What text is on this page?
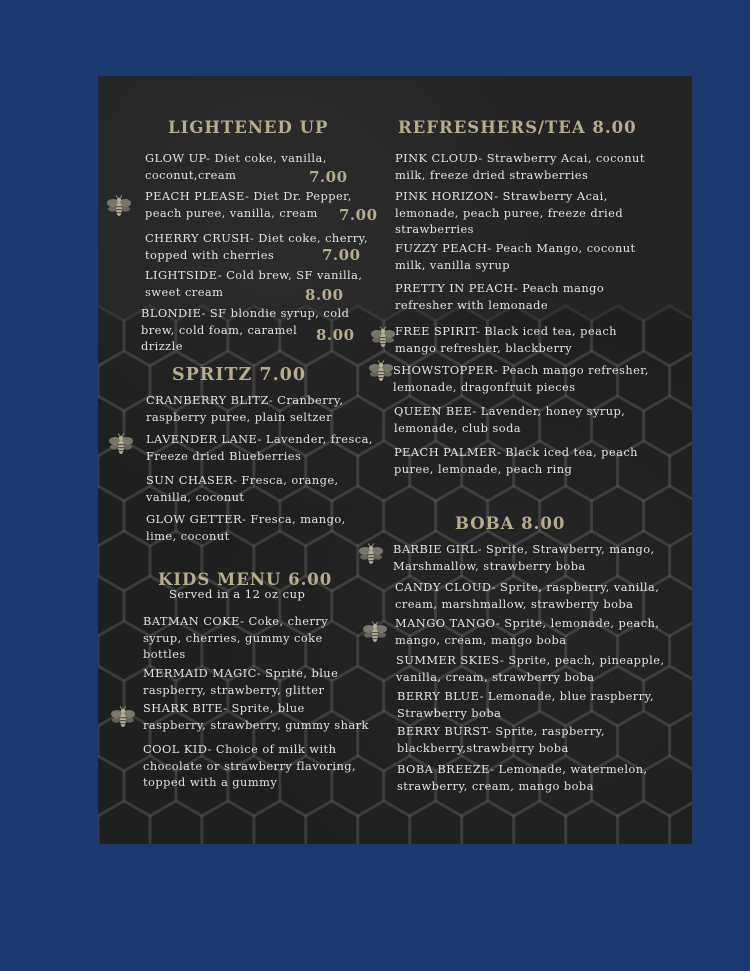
LIGHTENED UP
GLOW UP- Diet coke, vanilla,
coconut,cream	7.00
PEACH PLEASE- Diet Dr. Pepper,
peach puree, vanilla, cream	7.00
CHERRY CRUSH- Diet coke, cherry,
topped with cherries	7.00
LIGHTSIDE- Cold brew, SF vanilla,
sweet cream	8.00
BLONDIE- SF blondie syrup, cold
brew, cold foam, caramel
drizzle
8.00
SPRITZ 7.00
CRANBERRY BLITZ- Cranberry,
raspberry puree, plain seltzer
LAVENDER LANE- Lavender, fresca,
Freeze dried Blueberries
SUN CHASER- Fresca, orange,
vanilla, coconut
GLOW GETTER- Fresca, mango,
lime, coconut
KIDS MENU 6.00
Served in a 12 oz cup
BATMAN COKE- Coke, cherry
syrup, cherries, gummy coke
bottles
MERMAID MAGIC- Sprite, blue
raspberry, strawberry, glitter
SHARK BITE- Sprite, blue
raspberry, strawberry, gummy shark
COOL KID- Choice of milk with
chocolate or strawberry flavoring,
topped with a gummy
REFRESHERS/TEA 8.00
PINK CLOUD- Strawberry Acai, coconut
milk, freeze dried strawberries
PINK HORIZON- Strawberry Acai,
lemonade, peach puree, freeze dried
strawberries
FUZZY PEACH- Peach Mango, coconut
milk, vanilla syrup
PRETTY IN PEACH- Peach mango
refresher with lemonade
FREE SPIRIT- Black iced tea, peach
mango refresher, blackberry
SHOWSTOPPER- Peach mango refresher,
lemonade, dragonfruit pieces
QUEEN BEE- Lavender, honey syrup,
lemonade, club soda
PEACH PALMER- Black iced tea, peach
puree, lemonade, peach ring
BOBA 8.00
BARBIE GIRL- Sprite, Strawberry, mango,
Marshmallow, strawberry boba
CANDY CLOUD- Sprite, raspberry, vanilla,
cream, marshmallow, strawberry boba
MANGO TANGO- Sprite, lemonade, peach,
mango, cream, mango boba
SUMMER SKIES- Sprite, peach, pineapple,
vanilla, cream, strawberry boba
BERRY BLUE- Lemonade, blue raspberry,
Strawberry boba
BERRY BURST- Sprite, raspberry,
blackberry,strawberry boba
BOBA BREEZE- Lemonade, watermelon,
strawberry, cream, mango boba
